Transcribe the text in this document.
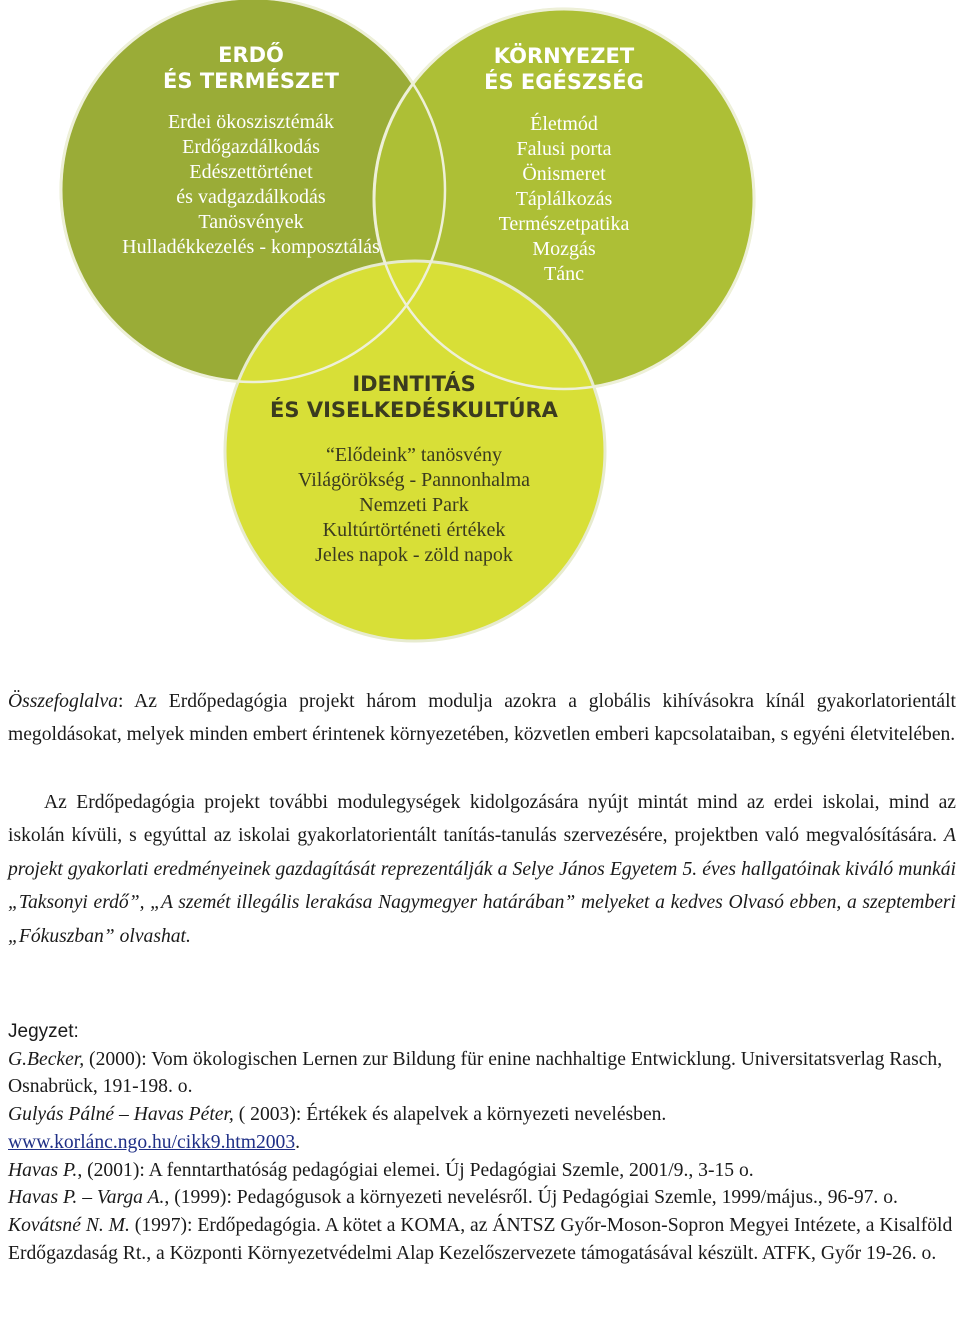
ERDŐ
ÉS TERMÉSZET
Erdei ökoszisztémák
Erdőgazdálkodás
Edészettörténet
és vadgazdálkodás
Tanösvények
Hulladékkezelés - komposztálás
KÖRNYEZET
ÉS EGÉSZSÉG
Életmód
Falusi porta
Önismeret
Táplálkozás
Természetpatika
Mozgás
Tánc
IDENTITÁS
ÉS VISELKEDÉSKULTÚRA
“Elődeink” tanösvény
Világörökség - Pannonhalma
Nemzeti Park
Kultúrtörténeti értékek
Jeles napok - zöld napok
Összefoglalva: Az Erdőpedagógia projekt három modulja azokra a globális kihívásokra kínál gyakorlatorientált megoldásokat, melyek minden embert érintenek környezetében, közvetlen emberi kapcsolataiban, s egyéni életvitelében.
Az Erdőpedagógia projekt további modulegységek kidolgozására nyújt mintát mind az erdei iskolai, mind az iskolán kívüli, s egyúttal az iskolai gyakorlatorientált tanítás-tanulás szervezésére, projektben való megvalósítására. A projekt gyakorlati eredményeinek gazdagítását reprezentálják a Selye János Egyetem 5. éves hallgatóinak kiváló munkái „Taksonyi erdő”, „A szemét illegális lerakása Nagymegyer határában” melyeket a kedves Olvasó ebben, a szeptemberi „Fókuszban” olvashat.
Jegyzet:

G.Becker, (2000): Vom ökologischen Lernen zur Bildung für enine nachhaltige Entwicklung. Universitatsverlag Rasch, Osnabrück, 191-198. o.

Gulyás Pálné – Havas Péter, ( 2003): Értékek és alapelvek a környezeti nevelésben.
www.korlánc.ngo.hu/cikk9.htm2003.

Havas P., (2001): A fenntarthatóság pedagógiai elemei. Új Pedagógiai Szemle, 2001/9., 3-15 o.

Havas P. – Varga A., (1999): Pedagógusok a környezeti nevelésről. Új Pedagógiai Szemle, 1999/május., 96-97. o.

Kovátsné N. M. (1997): Erdőpedagógia. A kötet a KOMA, az ÁNTSZ Győr-Moson-Sopron Megyei Intézete, a Kisalföld Erdőgazdaság Rt., a Központi Környezetvédelmi Alap Kezelőszervezete támogatásával készült. ATFK, Győr 19-26. o.
